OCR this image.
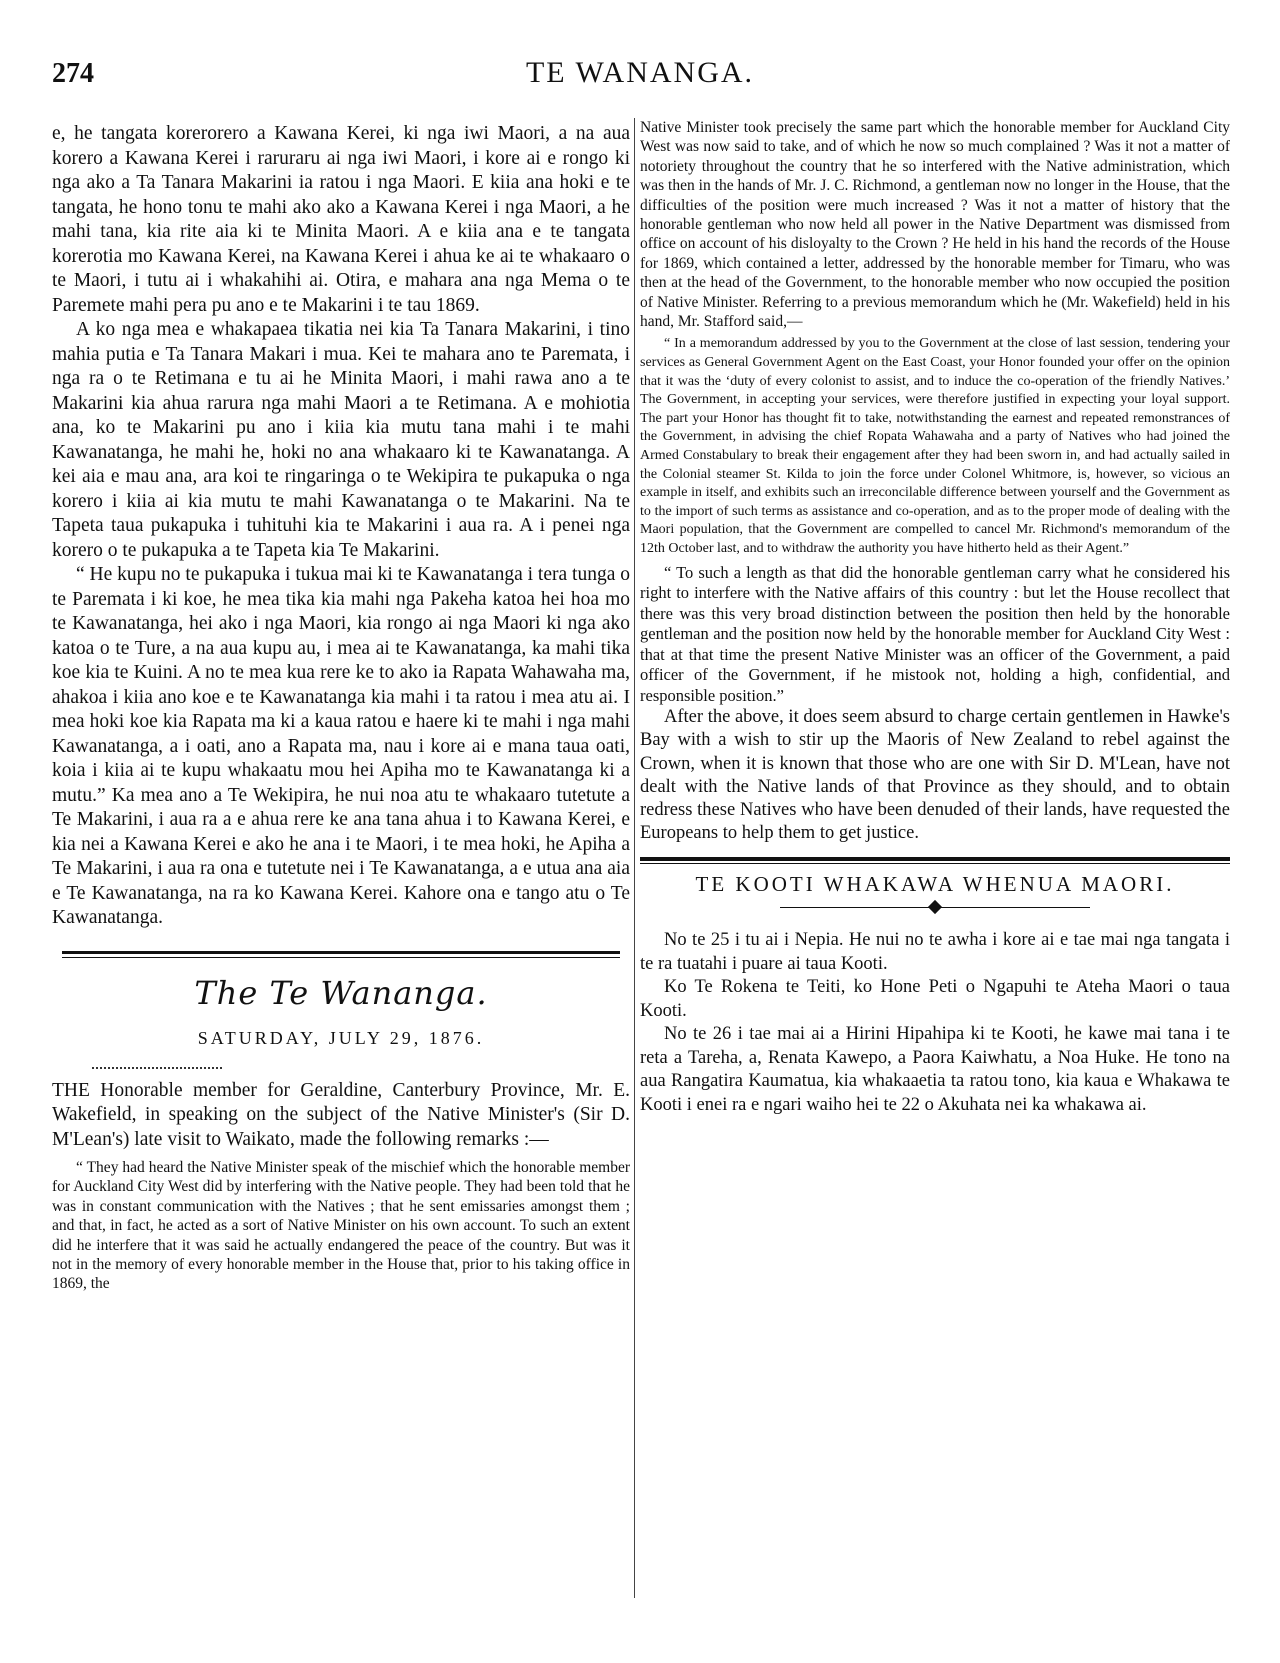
274	TE WANANGA.

e, he tangata korerorero a Kawana Kerei, ki nga iwi Maori, a na aua korero a Kawana Kerei i raruraru ai nga iwi Maori, i kore ai e rongo ki nga ako a Ta Tanara Makarini ia ratou i nga Maori. E kiia ana hoki e te tangata, he hono tonu te mahi ako ako a Kawana Kerei i nga Maori, a he mahi tana, kia rite aia ki te Minita Maori. A e kiia ana e te tangata korerotia mo Kawana Kerei, na Kawana Kerei i ahua ke ai te whakaaro o te Maori, i tutu ai i whakahihi ai. Otira, e mahara ana nga Mema o te Paremete mahi pera pu ano e te Makarini i te tau 1869.

A ko nga mea e whakapaea tikatia nei kia Ta Tanara Makarini, i tino mahia putia e Ta Tanara Makari i mua. Kei te mahara ano te Paremata, i nga ra o te Retimana e tu ai he Minita Maori, i mahi rawa ano a te Makarini kia ahua rarura nga mahi Maori a te Retimana. A e mohiotia ana, ko te Makarini pu ano i kiia kia mutu tana mahi i te mahi Kawanatanga, he mahi he, hoki no ana whakaaro ki te Kawanatanga. A kei aia e mau ana, ara koi te ringaringa o te Wekipira te pukapuka o nga korero i kiia ai kia mutu te mahi Kawanatanga o te Makarini. Na te Tapeta taua pukapuka i tuhituhi kia te Makarini i aua ra. A i penei nga korero o te pukapuka a te Tapeta kia Te Makarini.

“ He kupu no te pukapuka i tukua mai ki te Kawanatanga i tera tunga o te Paremata i ki koe, he mea tika kia mahi nga Pakeha katoa hei hoa mo te Kawanatanga, hei ako i nga Maori, kia rongo ai nga Maori ki nga ako katoa o te Ture, a na aua kupu au, i mea ai te Kawanatanga, ka mahi tika koe kia te Kuini. A no te mea kua rere ke to ako ia Rapata Wahawaha ma, ahakoa i kiia ano koe e te Kawanatanga kia mahi i ta ratou i mea atu ai. I mea hoki koe kia Rapata ma ki a kaua ratou e haere ki te mahi i nga mahi Kawanatanga, a i oati, ano a Rapata ma, nau i kore ai e mana taua oati, koia i kiia ai te kupu whakaatu mou hei Apiha mo te Kawanatanga ki a mutu.” Ka mea ano a Te Wekipira, he nui noa atu te whakaaro tutetute a Te Makarini, i aua ra a e ahua rere ke ana tana ahua i to Kawana Kerei, e kia nei a Kawana Kerei e ako he ana i te Maori, i te mea hoki, he Apiha a Te Makarini, i aua ra ona e tutetute nei i Te Kawanatanga, a e utua ana aia e Te Kawanatanga, na ra ko Kawana Kerei. Kahore ona e tango atu o Te Kawanatanga.

The Te Wananga.
SATURDAY, JULY 29, 1876.

THE Honorable member for Geraldine, Canterbury Province, Mr. E. Wakefield, in speaking on the subject of the Native Minister's (Sir D. M'Lean's) late visit to Waikato, made the following remarks :—

“ They had heard the Native Minister speak of the mischief which the honorable member for Auckland City West did by interfering with the Native people. They had been told that he was in constant communication with the Natives ; that he sent emissaries amongst them ; and that, in fact, he acted as a sort of Native Minister on his own account. To such an extent did he interfere that it was said he actually endangered the peace of the country. But was it not in the memory of every honorable member in the House that, prior to his taking office in 1869, the

Native Minister took precisely the same part which the honorable member for Auckland City West was now said to take, and of which he now so much complained ? Was it not a matter of notoriety throughout the country that he so interfered with the Native administration, which was then in the hands of Mr. J. C. Richmond, a gentleman now no longer in the House, that the difficulties of the position were much increased ? Was it not a matter of history that the honorable gentleman who now held all power in the Native Department was dismissed from office on account of his disloyalty to the Crown ? He held in his hand the records of the House for 1869, which contained a letter, addressed by the honorable member for Timaru, who was then at the head of the Government, to the honorable member who now occupied the position of Native Minister. Referring to a previous memorandum which he (Mr. Wakefield) held in his hand, Mr. Stafford said,—

“ In a memorandum addressed by you to the Government at the close of last session, tendering your services as General Government Agent on the East Coast, your Honor founded your offer on the opinion that it was the ‘duty of every colonist to assist, and to induce the co-operation of the friendly Natives.’ The Government, in accepting your services, were therefore justified in expecting your loyal support. The part your Honor has thought fit to take, notwithstanding the earnest and repeated remonstrances of the Government, in advising the chief Ropata Wahawaha and a party of Natives who had joined the Armed Constabulary to break their engagement after they had been sworn in, and had actually sailed in the Colonial steamer St. Kilda to join the force under Colonel Whitmore, is, however, so vicious an example in itself, and exhibits such an irreconcilable difference between yourself and the Government as to the import of such terms as assistance and co-operation, and as to the proper mode of dealing with the Maori population, that the Government are compelled to cancel Mr. Richmond's memorandum of the 12th October last, and to withdraw the authority you have hitherto held as their Agent.”

“ To such a length as that did the honorable gentleman carry what he considered his right to interfere with the Native affairs of this country : but let the House recollect that there was this very broad distinction between the position then held by the honorable gentleman and the position now held by the honorable member for Auckland City West : that at that time the present Native Minister was an officer of the Government, a paid officer of the Government, if he mistook not, holding a high, confidential, and responsible position.”

After the above, it does seem absurd to charge certain gentlemen in Hawke's Bay with a wish to stir up the Maoris of New Zealand to rebel against the Crown, when it is known that those who are one with Sir D. M'Lean, have not dealt with the Native lands of that Province as they should, and to obtain redress these Natives who have been denuded of their lands, have requested the Europeans to help them to get justice.

TE KOOTI WHAKAWA WHENUA MAORI.

No te 25 i tu ai i Nepia. He nui no te awha i kore ai e tae mai nga tangata i te ra tuatahi i puare ai taua Kooti.

Ko Te Rokena te Teiti, ko Hone Peti o Ngapuhi te Ateha Maori o taua Kooti.

No te 26 i tae mai ai a Hirini Hipahipa ki te Kooti, he kawe mai tana i te reta a Tareha, a, Renata Kawepo, a Paora Kaiwhatu, a Noa Huke. He tono na aua Rangatira Kaumatua, kia whakaaetia ta ratou tono, kia kaua e Whakawa te Kooti i enei ra e ngari waiho hei te 22 o Akuhata nei ka whakawa ai.
